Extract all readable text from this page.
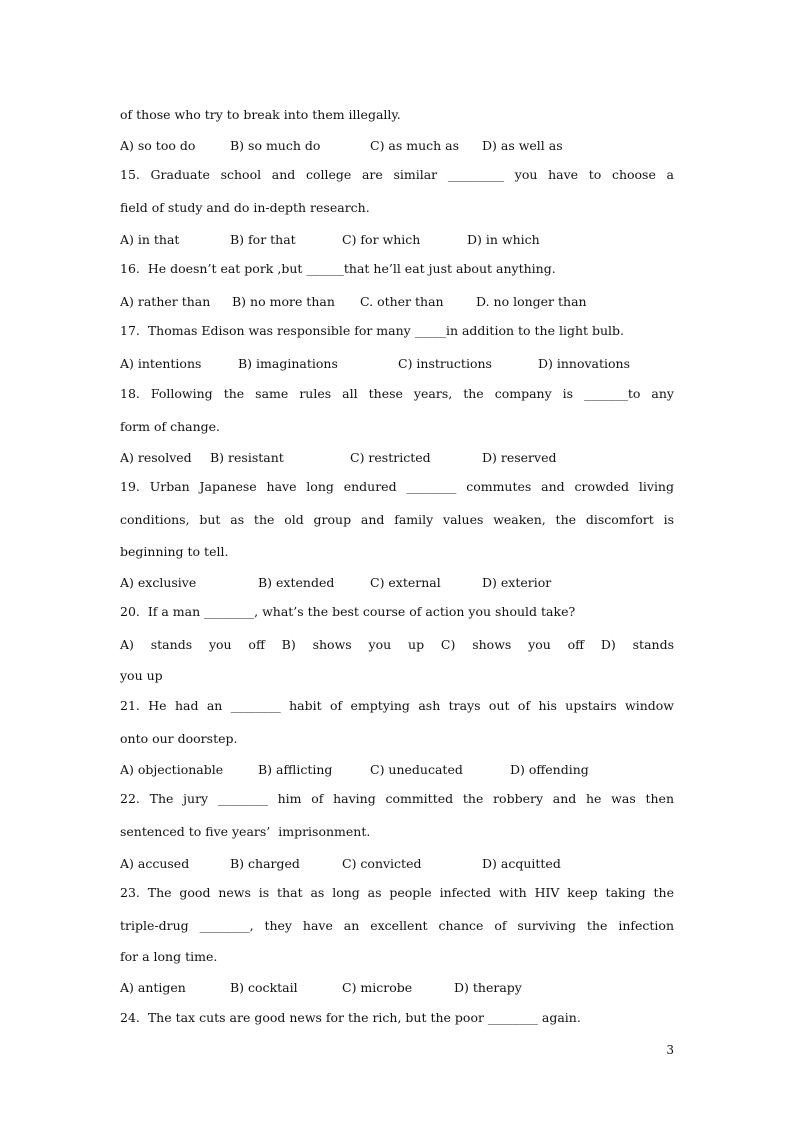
of those who try to break into them illegally.
A) so too do	B) so much do	C) as much as D) as well as
15. Graduate school and college are similar _________ you have to choose a
field of study and do in-depth research.
A) in that	B) for that	C) for which	D) in which
16.  He doesn’t eat pork ,but ______that he’ll eat just about anything.
A) rather than B) no more than C. other than	D. no longer than
17.  Thomas Edison was responsible for many _____in addition to the light bulb.
A) intentions	B) imaginations	C) instructions	D) innovations
18. Following the same rules all these years, the company is _______to any
form of change.
A) resolved B) resistant	C) restricted	D) reserved
19. Urban Japanese have long endured ________ commutes and crowded living
conditions, but as the old group and family values weaken, the discomfort is
beginning to tell.
A) exclusive	B) extended	C) external	D) exterior
20.  If a man ________, what’s the best course of action you should take?
A) stands you off B) shows you up C) shows you off D) stands
you up
21. He had an ________ habit of emptying ash trays out of his upstairs window
onto our doorstep.
A) objectionable	B) afflicting	C) uneducated	D) offending
22. The jury ________ him of having committed the robbery and he was then
sentenced to five years’  imprisonment.
A) accused	B) charged	C) convicted	D) acquitted
23. The good news is that as long as people infected with HIV keep taking the
triple-drug ________, they have an excellent chance of surviving the infection
for a long time.
A) antigen	B) cocktail	C) microbe	D) therapy
24.  The tax cuts are good news for the rich, but the poor ________ again.
3
